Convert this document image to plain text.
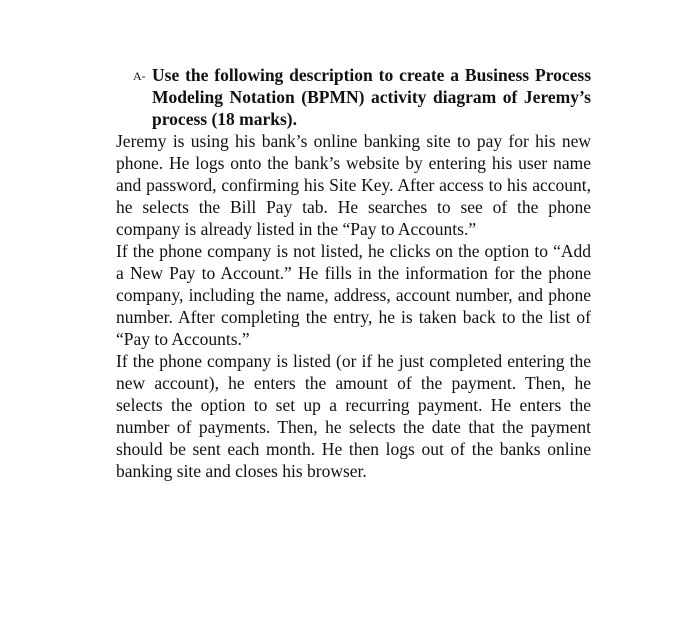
A- Use the following description to create a Business Process Modeling Notation (BPMN) activity diagram of Jeremy’s process (18 marks).

Jeremy is using his bank’s online banking site to pay for his new phone. He logs onto the bank’s website by entering his user name and password, confirming his Site Key. After access to his account, he selects the Bill Pay tab. He searches to see of the phone company is already listed in the “Pay to Accounts.”

If the phone company is not listed, he clicks on the option to “Add a New Pay to Account.” He fills in the information for the phone company, including the name, address, account number, and phone number. After completing the entry, he is taken back to the list of “Pay to Accounts.”

If the phone company is listed (or if he just completed entering the new account), he enters the amount of the payment. Then, he selects the option to set up a recurring payment. He enters the number of payments. Then, he selects the date that the payment should be sent each month. He then logs out of the banks online banking site and closes his browser.
